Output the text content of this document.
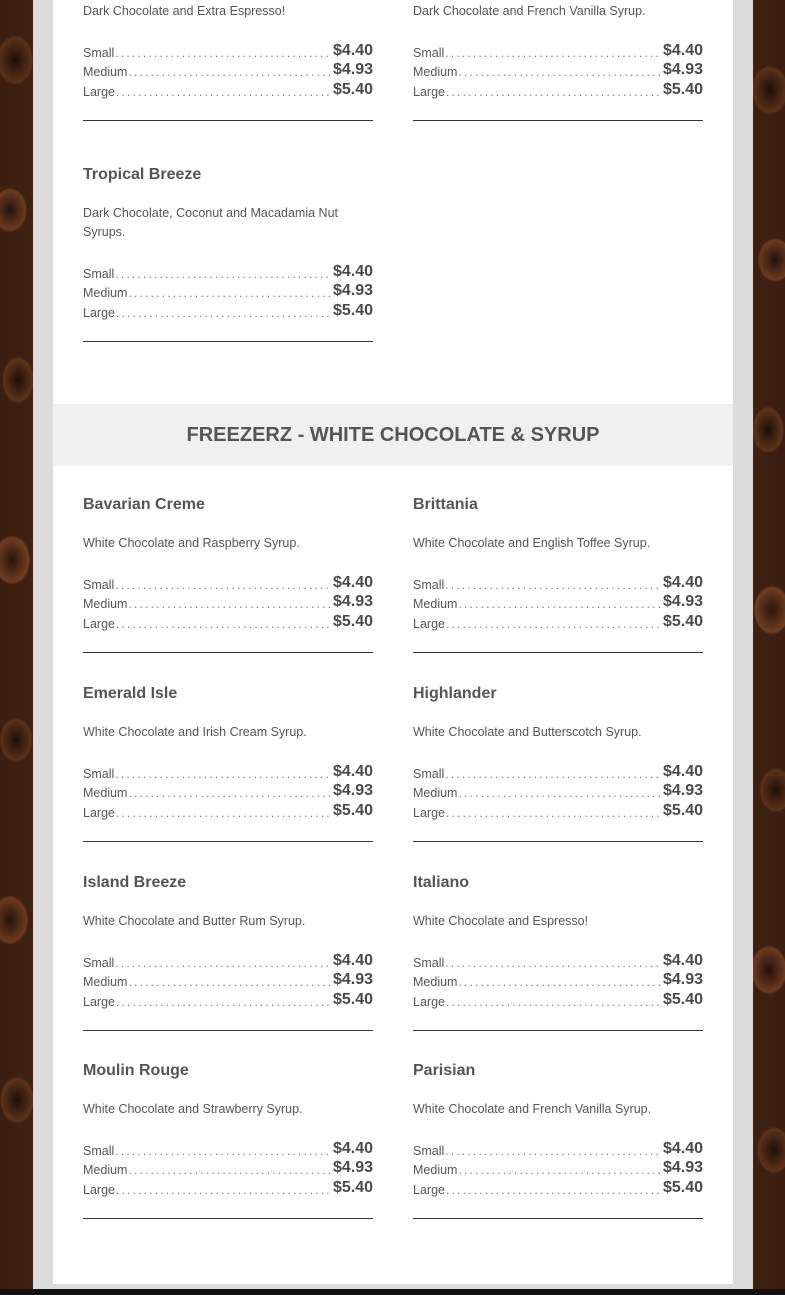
Dark Chocolate and Extra Espresso!
Small .....	$4.40
Medium .....	$4.93
Large .....	$5.40
Dark Chocolate and French Vanilla Syrup.
Small .....	$4.40
Medium .....	$4.93
Large .....	$5.40
Tropical Breeze
Dark Chocolate, Coconut and Macadamia Nut Syrups.
Small .....	$4.40
Medium .....	$4.93
Large .....	$5.40
FREEZERZ - WHITE CHOCOLATE & SYRUP
Bavarian Creme
White Chocolate and Raspberry Syrup.
Small .....	$4.40
Medium .....	$4.93
Large .....	$5.40
Brittania
White Chocolate and English Toffee Syrup.
Small .....	$4.40
Medium .....	$4.93
Large .....	$5.40
Emerald Isle
White Chocolate and Irish Cream Syrup.
Small .....	$4.40
Medium .....	$4.93
Large .....	$5.40
Highlander
White Chocolate and Butterscotch Syrup.
Small .....	$4.40
Medium .....	$4.93
Large .....	$5.40
Island Breeze
White Chocolate and Butter Rum Syrup.
Small .....	$4.40
Medium .....	$4.93
Large .....	$5.40
Italiano
White Chocolate and Espresso!
Small .....	$4.40
Medium .....	$4.93
Large .....	$5.40
Moulin Rouge
White Chocolate and Strawberry Syrup.
Small .....	$4.40
Medium .....	$4.93
Large .....	$5.40
Parisian
White Chocolate and French Vanilla Syrup.
Small .....	$4.40
Medium .....	$4.93
Large .....	$5.40
